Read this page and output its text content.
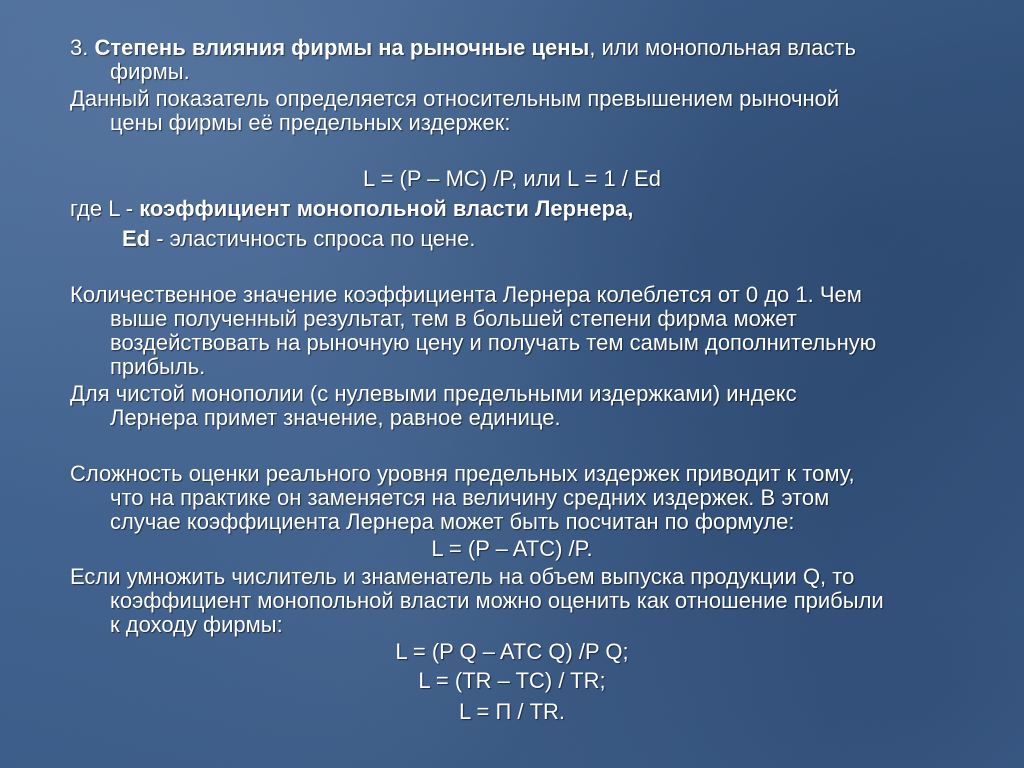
3. Степень влияния фирмы на рыночные цены, или монопольная власть
фирмы.
Данный показатель определяется относительным превышением рыночной
цены фирмы её предельных издержек:
L = (P – MC) /P, или L = 1 / Ed
где L - коэффициент монопольной власти Лернера,
Ed - эластичность спроса по цене.
Количественное значение коэффициента Лернера колеблется от 0 до 1. Чем
выше полученный результат, тем в большей степени фирма может
воздействовать на рыночную цену и получать тем самым дополнительную
прибыль.
Для чистой монополии (с нулевыми предельными издержками) индекс
Лернера примет значение, равное единице.
Сложность оценки реального уровня предельных издержек приводит к тому,
что на практике он заменяется на величину средних издержек. В этом
случае коэффициента Лернера может быть посчитан по формуле:
L = (P – ATC) /P.
Если умножить числитель и знаменатель на объем выпуска продукции Q, то
коэффициент монопольной власти можно оценить как отношение прибыли
к доходу фирмы:
L = (P Q – ATC Q) /P Q;
L = (TR – TC) / TR;
L = П / TR.
